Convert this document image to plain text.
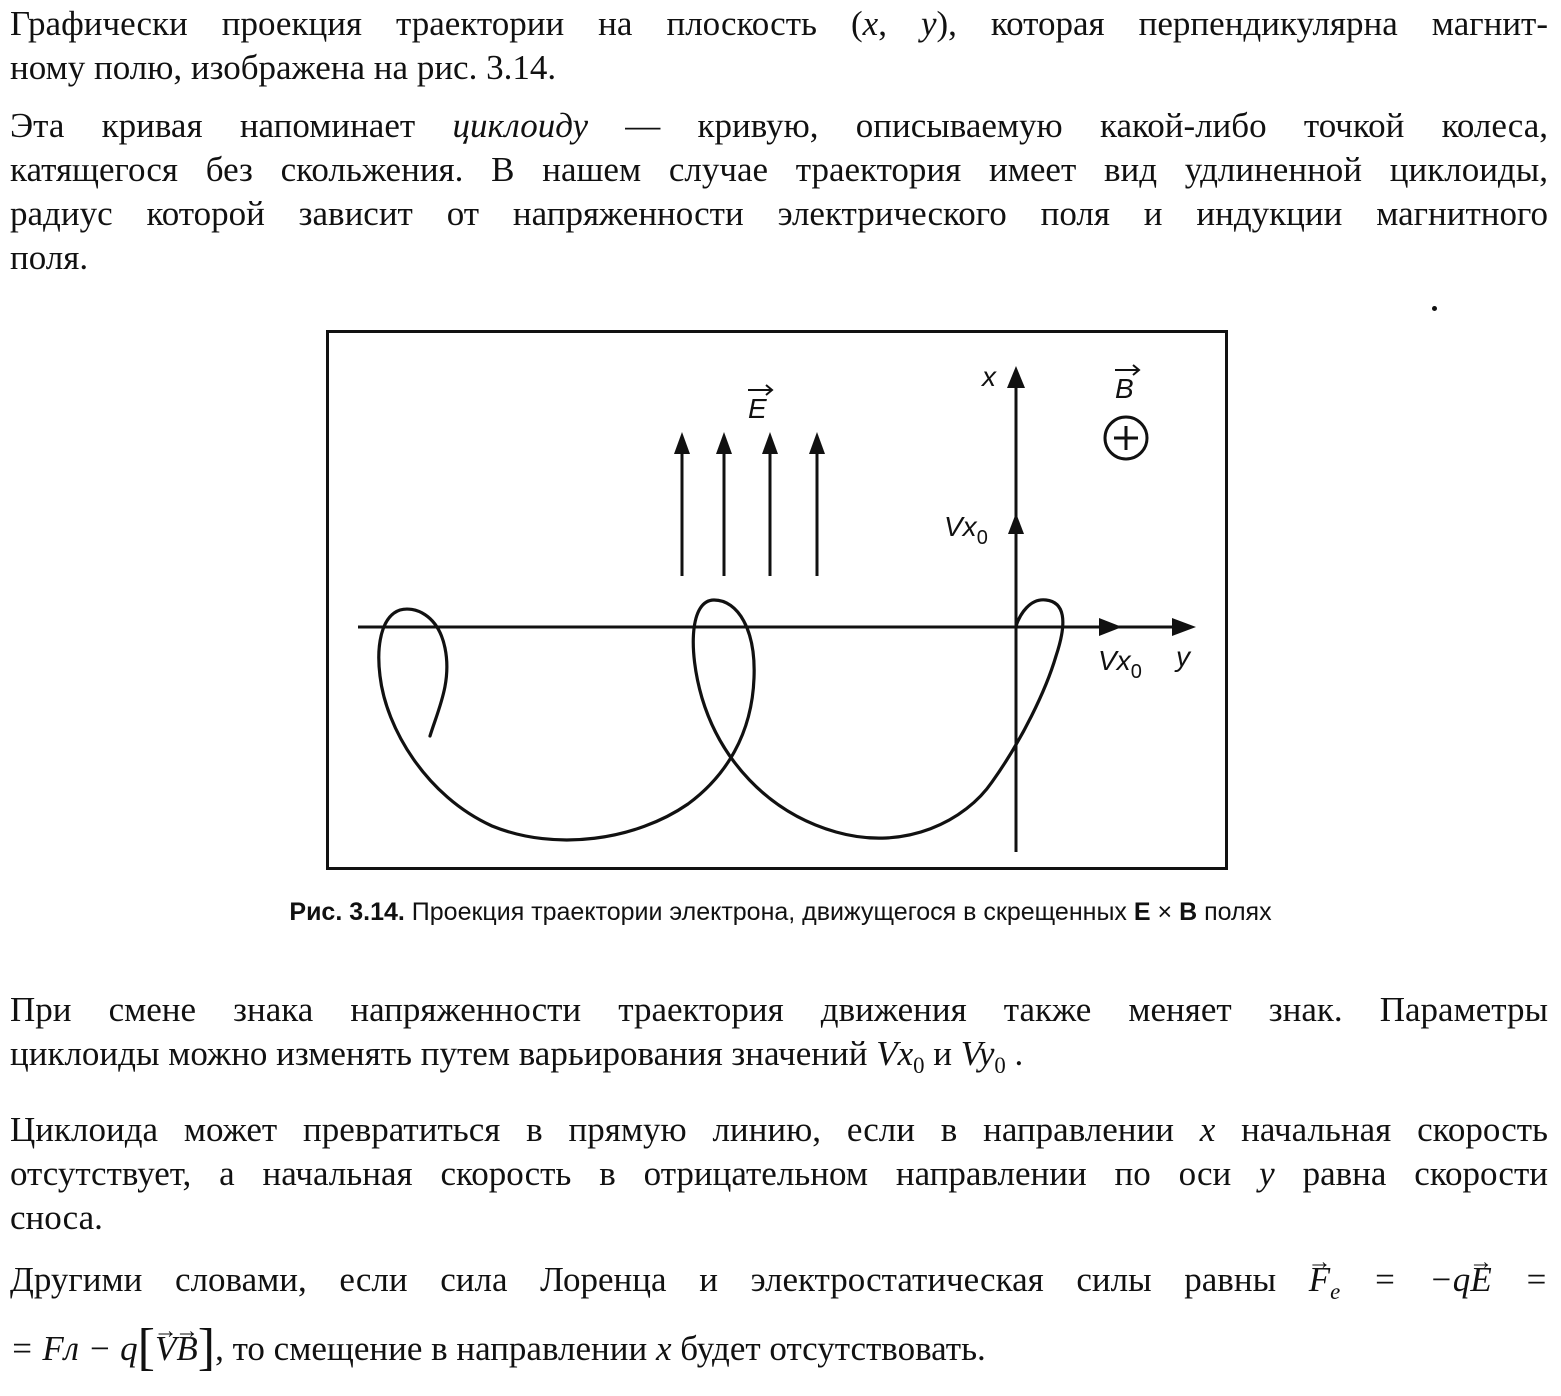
Графически проекция траектории на плоскость (x, y), которая перпендикулярна магнит-
ному полю, изображена на рис. 3.14.
Эта кривая напоминает циклоиду — кривую, описываемую какой-либо точкой колеса,
катящегося без скольжения. В нашем случае траектория имеет вид удлиненной циклоиды,
радиус которой зависит от напряженности электрического поля и индукции магнитного
поля.
E
x
$Vx_0$
y
$Vx_0$
B

Рис. 3.14. Проекция траектории электрона, движущегося в скрещенных E × B полях

При смене знака напряженности траектория движения также меняет знак. Параметры
циклоиды можно изменять путем варьирования значений $Vx_0$ и $Vy_0$ .
Циклоида может превратиться в прямую линию, если в направлении x начальная скорость
отсутствует, а начальная скорость в отрицательном направлении по оси y равна скорости
сноса.
Другими словами, если сила Лоренца и электростатическая силы равны → $F_e = -q\to E$ =
= Fл − q[→ V→ B], то смещение в направлении x будет отсутствовать.
